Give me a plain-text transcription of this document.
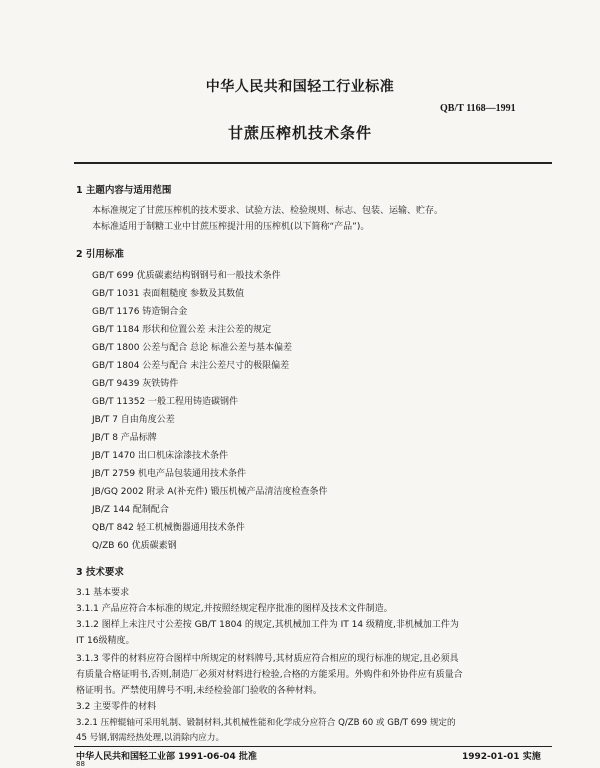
中华人民共和国轻工行业标准
QB/T 1168—1991
甘蔗压榨机技术条件
1 主题内容与适用范围
本标准规定了甘蔗压榨机的技术要求、试验方法、检验规则、标志、包装、运输、贮存。
本标准适用于制糖工业中甘蔗压榨提汁用的压榨机(以下简称“产品”)。
2 引用标准
GB/T 699 优质碳素结构钢钢号和一般技术条件
GB/T 1031 表面粗糙度 参数及其数值
GB/T 1176 铸造铜合金
GB/T 1184 形状和位置公差 未注公差的规定
GB/T 1800 公差与配合 总论 标准公差与基本偏差
GB/T 1804 公差与配合 未注公差尺寸的极限偏差
GB/T 9439 灰铁铸件
GB/T 11352 一般工程用铸造碳钢件
JB/T 7 自由角度公差
JB/T 8 产品标牌
JB/T 1470 出口机床涂漆技术条件
JB/T 2759 机电产品包装通用技术条件
JB/GQ 2002 附录 A(补充件) 锻压机械产品清洁度检查条件
JB/Z 144 配制配合
QB/T 842 轻工机械衡器通用技术条件
Q/ZB 60 优质碳素钢
3 技术要求
3.1 基本要求
3.1.1 产品应符合本标准的规定,并按照经规定程序批准的图样及技术文件制造。
3.1.2 图样上未注尺寸公差按 GB/T 1804 的规定,其机械加工件为 IT 14 级精度,非机械加工件为
IT 16级精度。
3.1.3 零件的材料应符合图样中所规定的材料牌号,其材质应符合相应的现行标准的规定,且必须具
有质量合格证明书,否则,制造厂必须对材料进行检验,合格的方能采用。外购件和外协件应有质量合
格证明书。严禁使用牌号不明,未经检验部门验收的各种材料。
3.2 主要零件的材料
3.2.1 压榨辊轴可采用轧制、锻制材料,其机械性能和化学成分应符合 Q/ZB 60 或 GB/T 699 规定的
45 号钢,钢需经热处理,以消除内应力。
中华人民共和国轻工业部 1991-06-04 批准	1992-01-01 实施
88
